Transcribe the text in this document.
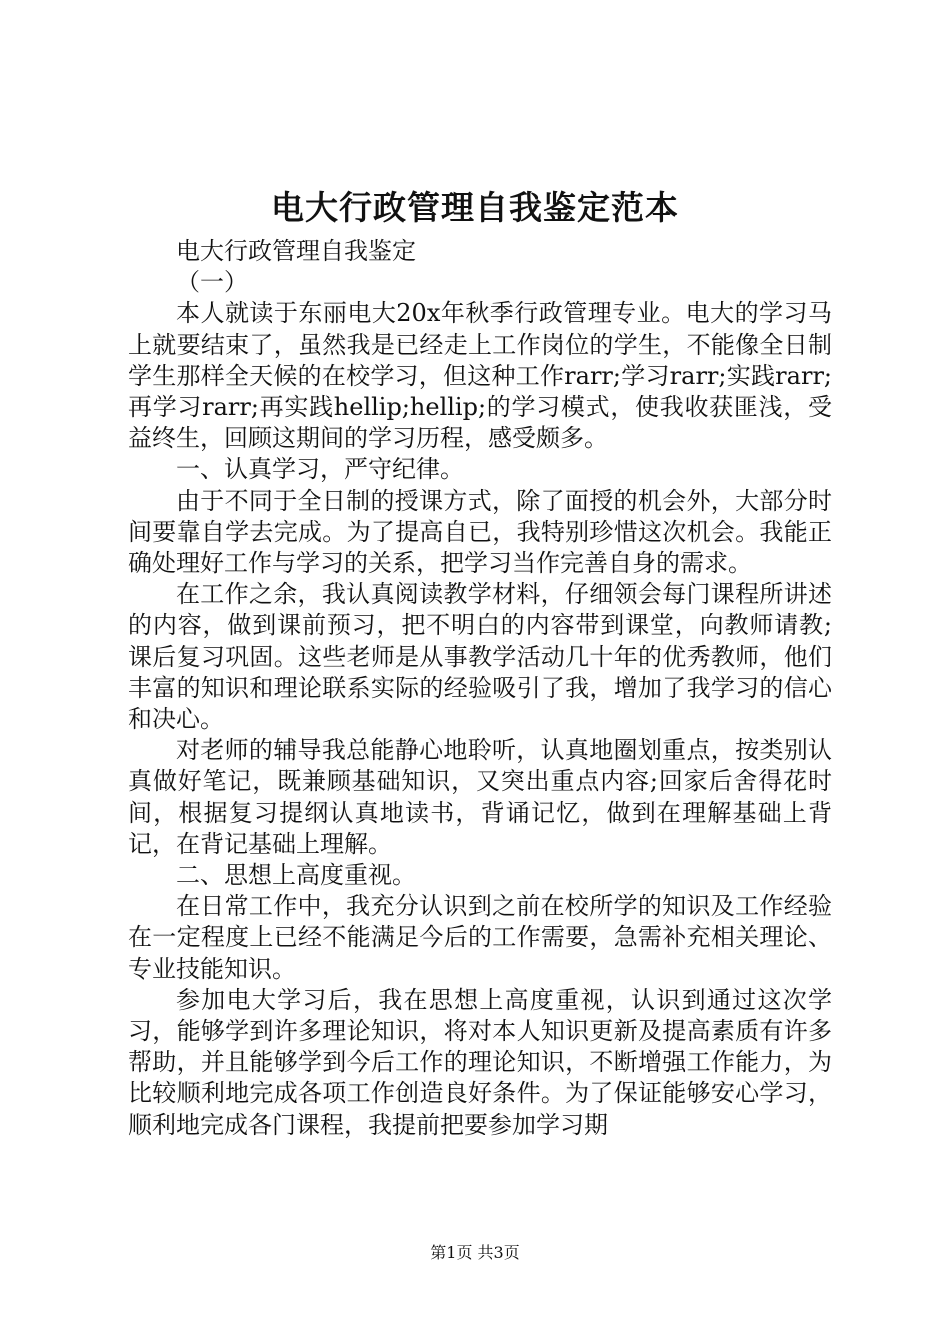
电大行政管理自我鉴定范本

电大行政管理自我鉴定

（一）

本人就读于东丽电大20x年秋季行政管理专业。电大的学习马上就要结束了，虽然我是已经走上工作岗位的学生，不能像全日制学生那样全天候的在校学习，但这种工作rarr;学习rarr;实践rarr;再学习rarr;再实践hellip;hellip;的学习模式，使我收获匪浅，受益终生，回顾这期间的学习历程，感受颇多。

一、认真学习，严守纪律。

由于不同于全日制的授课方式，除了面授的机会外，大部分时间要靠自学去完成。为了提高自已，我特别珍惜这次机会。我能正确处理好工作与学习的关系，把学习当作完善自身的需求。

在工作之余，我认真阅读教学材料，仔细领会每门课程所讲述的内容，做到课前预习，把不明白的内容带到课堂，向教师请教;课后复习巩固。这些老师是从事教学活动几十年的优秀教师，他们丰富的知识和理论联系实际的经验吸引了我，增加了我学习的信心和决心。

对老师的辅导我总能静心地聆听，认真地圈划重点，按类别认真做好笔记，既兼顾基础知识，又突出重点内容;回家后舍得花时间，根据复习提纲认真地读书，背诵记忆，做到在理解基础上背记，在背记基础上理解。

二、思想上高度重视。

在日常工作中，我充分认识到之前在校所学的知识及工作经验在一定程度上已经不能满足今后的工作需要，急需补充相关理论、专业技能知识。

参加电大学习后，我在思想上高度重视，认识到通过这次学习，能够学到许多理论知识，将对本人知识更新及提高素质有许多帮助，并且能够学到今后工作的理论知识，不断增强工作能力，为比较顺利地完成各项工作创造良好条件。为了保证能够安心学习，顺利地完成各门课程，我提前把要参加学习期

第1页 共3页
